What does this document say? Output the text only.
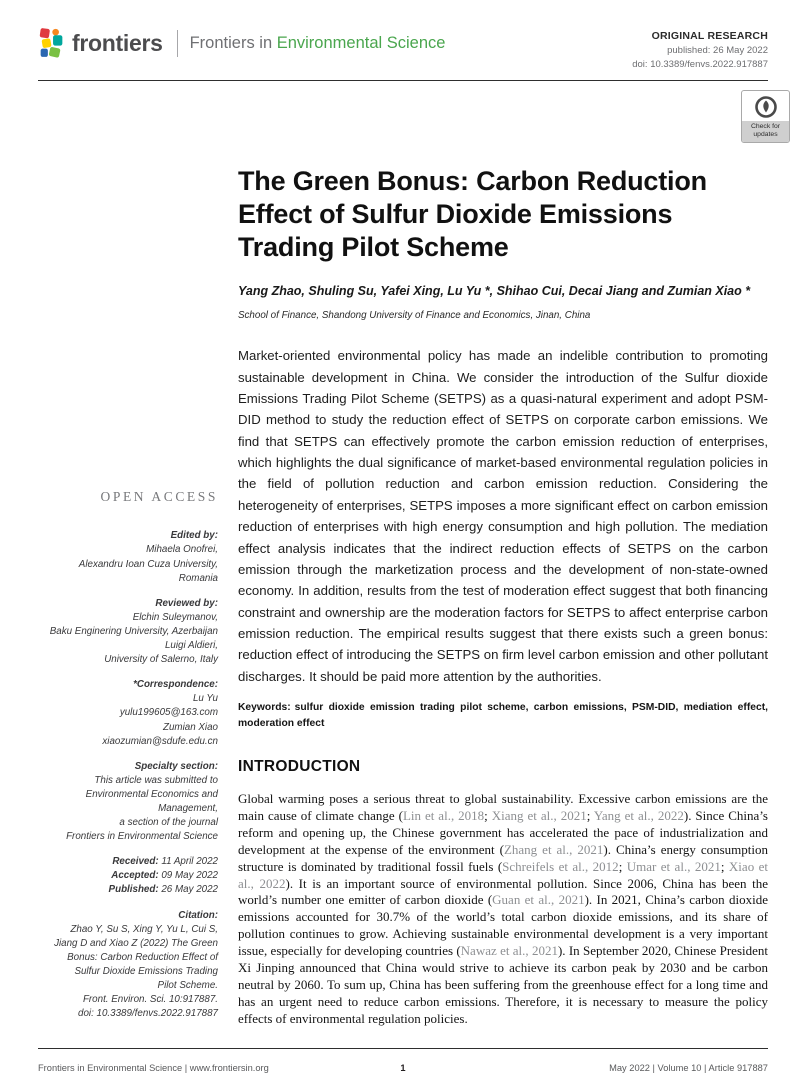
frontiers Frontiers in Environmental Science	ORIGINAL RESEARCH
published: 26 May 2022
doi: 10.3389/fenvs.2022.917887
Check for
updates
OPEN ACCESS
Edited by:
Mihaela Onofrei,
Alexandru Ioan Cuza University,
Romania
Reviewed by:
Elchin Suleymanov,
Baku Enginering University, Azerbaijan
Luigi Aldieri,
University of Salerno, Italy
*Correspondence:
Lu Yu
yulu199605@163.com
Zumian Xiao
xiaozumian@sdufe.edu.cn
Specialty section:
This article was submitted to
Environmental Economics and
Management,
a section of the journal
Frontiers in Environmental Science
Received: 11 April 2022
Accepted: 09 May 2022
Published: 26 May 2022
Citation:
Zhao Y, Su S, Xing Y, Yu L, Cui S,
Jiang D and Xiao Z (2022) The Green
Bonus: Carbon Reduction Effect of
Sulfur Dioxide Emissions Trading
Pilot Scheme.
Front. Environ. Sci. 10:917887.
doi: 10.3389/fenvs.2022.917887
The Green Bonus: Carbon Reduction Effect of Sulfur Dioxide Emissions Trading Pilot Scheme
Yang Zhao, Shuling Su, Yafei Xing, Lu Yu *, Shihao Cui, Decai Jiang and Zumian Xiao *
School of Finance, Shandong University of Finance and Economics, Jinan, China

Market-oriented environmental policy has made an indelible contribution to promoting sustainable development in China. We consider the introduction of the Sulfur dioxide Emissions Trading Pilot Scheme (SETPS) as a quasi-natural experiment and adopt PSM-DID method to study the reduction effect of SETPS on corporate carbon emissions. We find that SETPS can effectively promote the carbon emission reduction of enterprises, which highlights the dual significance of market-based environmental regulation policies in the field of pollution reduction and carbon emission reduction. Considering the heterogeneity of enterprises, SETPS imposes a more significant effect on carbon emission reduction of enterprises with high energy consumption and high pollution. The mediation effect analysis indicates that the indirect reduction effects of SETPS on the carbon emission through the marketization process and the development of non-state-owned economy. In addition, results from the test of moderation effect suggest that both financing constraint and ownership are the moderation factors for SETPS to affect enterprise carbon emission reduction. The empirical results suggest that there exists such a green bonus: reduction effect of introducing the SETPS on firm level carbon emission and other pollutant discharges. It should be paid more attention by the authorities.

Keywords: sulfur dioxide emission trading pilot scheme, carbon emissions, PSM-DID, mediation effect, moderation effect

INTRODUCTION

Global warming poses a serious threat to global sustainability. Excessive carbon emissions are the main cause of climate change (Lin et al., 2018; Xiang et al., 2021; Yang et al., 2022). Since China’s reform and opening up, the Chinese government has accelerated the pace of industrialization and development at the expense of the environment (Zhang et al., 2021). China’s energy consumption structure is dominated by traditional fossil fuels (Schreifels et al., 2012; Umar et al., 2021; Xiao et al., 2022). It is an important source of environmental pollution. Since 2006, China has been the world’s number one emitter of carbon dioxide (Guan et al., 2021). In 2021, China’s carbon dioxide emissions accounted for 30.7% of the world’s total carbon dioxide emissions, and its share of pollution continues to grow. Achieving sustainable environmental development is a very important issue, especially for developing countries (Nawaz et al., 2021). In September 2020, Chinese President Xi Jinping announced that China would strive to achieve its carbon peak by 2030 and be carbon neutral by 2060. To sum up, China has been suffering from the greenhouse effect for a long time and has an urgent need to reduce carbon emissions. Therefore, it is necessary to measure the policy effects of environmental regulation policies.

Frontiers in Environmental Science | www.frontiersin.org	1	May 2022 | Volume 10 | Article 917887
